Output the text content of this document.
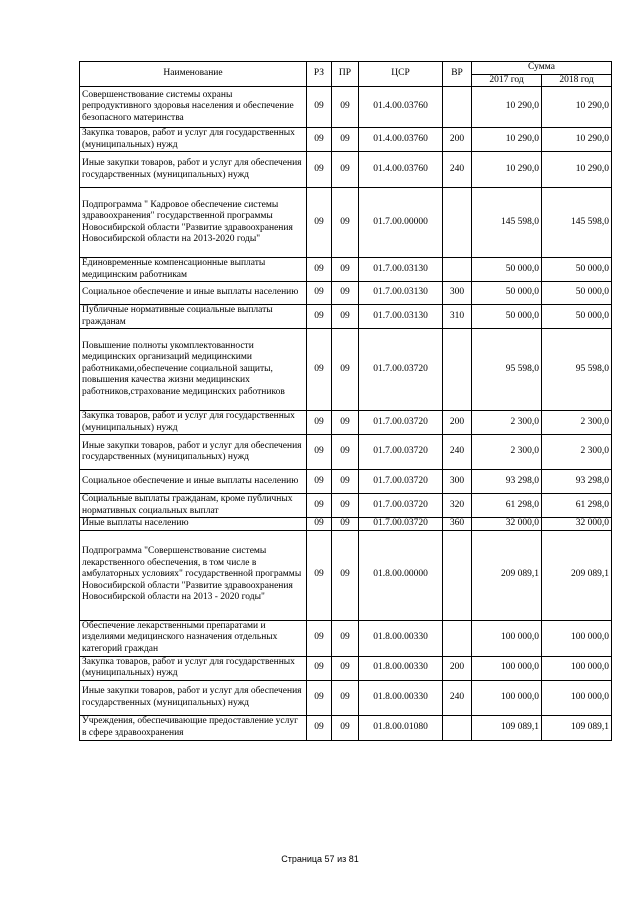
Наименование	РЗ	ПР	ЦСР	ВР	Сумма	
					2017 год	2018 год
Совершенствование системы охраны репродуктивного здоровья населения и обеспечение безопасного материнства	09	09	01.4.00.03760		10 290,0	10 290,0
Закупка товаров, работ и услуг для государственных (муниципальных) нужд	09	09	01.4.00.03760	200	10 290,0	10 290,0
Иные закупки товаров, работ и услуг для обеспечения государственных (муниципальных) нужд	09	09	01.4.00.03760	240	10 290,0	10 290,0
Подпрограмма " Кадровое обеспечение системы здравоохранения" государственной программы Новосибирской области "Развитие здравоохранения Новосибирской области на 2013-2020 годы"	09	09	01.7.00.00000		145 598,0	145 598,0
Единовременные компенсационные выплаты медицинским работникам	09	09	01.7.00.03130		50 000,0	50 000,0
Социальное обеспечение и иные выплаты населению	09	09	01.7.00.03130	300	50 000,0	50 000,0
Публичные нормативные социальные выплаты гражданам	09	09	01.7.00.03130	310	50 000,0	50 000,0
Повышение полноты укомплектованности медицинских организаций медицинскими работниками,обеспечение социальной защиты, повышения качества жизни медицинских работников,страхование медицинских работников	09	09	01.7.00.03720		95 598,0	95 598,0
Закупка товаров, работ и услуг для государственных (муниципальных) нужд	09	09	01.7.00.03720	200	2 300,0	2 300,0
Иные закупки товаров, работ и услуг для обеспечения государственных (муниципальных) нужд	09	09	01.7.00.03720	240	2 300,0	2 300,0
Социальное обеспечение и иные выплаты населению	09	09	01.7.00.03720	300	93 298,0	93 298,0
Социальные выплаты гражданам, кроме публичных нормативных социальных выплат	09	09	01.7.00.03720	320	61 298,0	61 298,0
Иные выплаты населению	09	09	01.7.00.03720	360	32 000,0	32 000,0
Подпрограмма "Совершенствование системы лекарственного обеспечения, в том числе в амбулаторных условиях" государственной программы Новосибирской области "Развитие здравоохранения Новосибирской области на 2013 - 2020 годы"	09	09	01.8.00.00000		209 089,1	209 089,1
Обеспечение лекарственными препаратами и изделиями медицинского назначения отдельных категорий граждан	09	09	01.8.00.00330		100 000,0	100 000,0
Закупка товаров, работ и услуг для государственных (муниципальных) нужд	09	09	01.8.00.00330	200	100 000,0	100 000,0
Иные закупки товаров, работ и услуг для обеспечения государственных (муниципальных) нужд	09	09	01.8.00.00330	240	100 000,0	100 000,0
Учреждения, обеспечивающие предоставление услуг в сфере здравоохранения	09	09	01.8.00.01080		109 089,1	109 089,1
Страница 57 из 81
